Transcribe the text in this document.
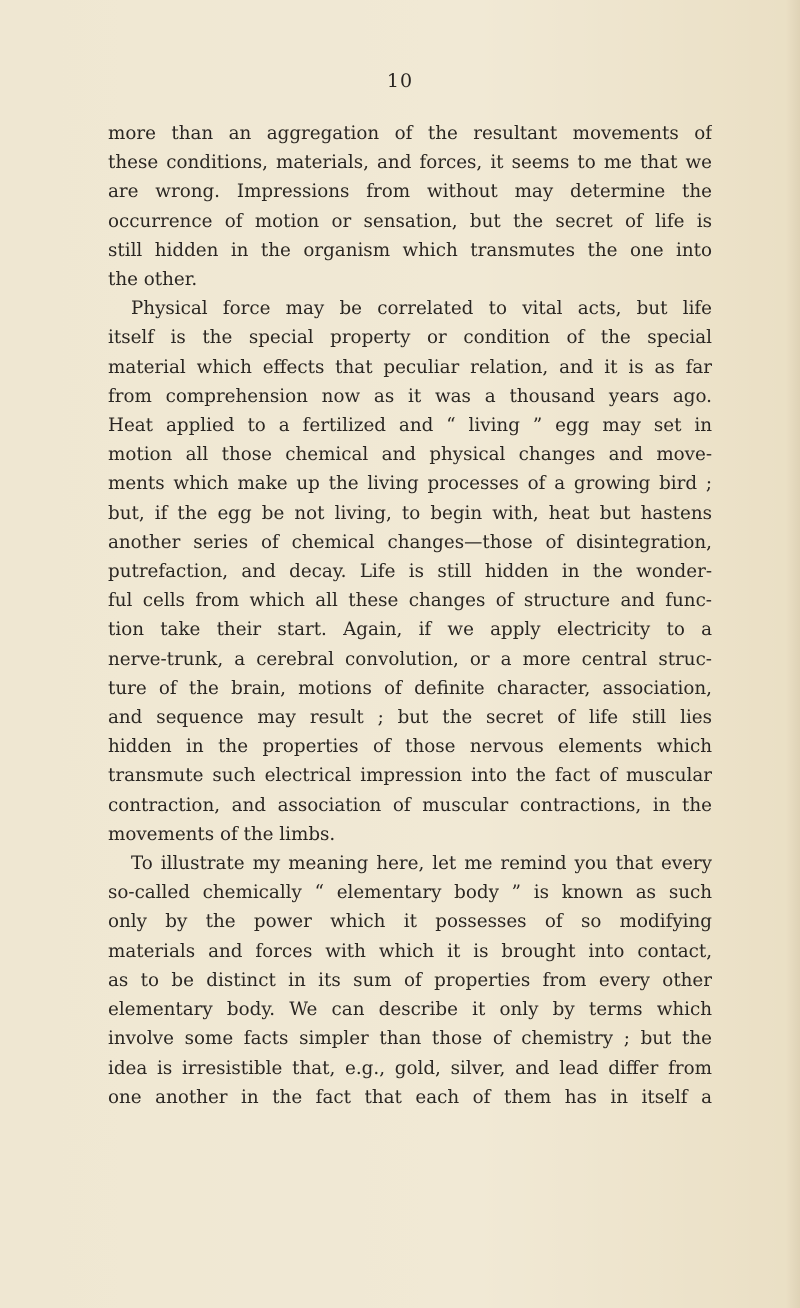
10

more than an aggregation of the resultant movements of
these conditions, materials, and forces, it seems to me that we
are wrong. Impressions from without may determine the
occurrence of motion or sensation, but the secret of life is
still hidden in the organism which transmutes the one into
the other.

Physical force may be correlated to vital acts, but life
itself is the special property or condition of the special
material which effects that peculiar relation, and it is as far
from comprehension now as it was a thousand years ago.
Heat applied to a fertilized and “ living ” egg may set in
motion all those chemical and physical changes and move-
ments which make up the living processes of a growing bird ;
but, if the egg be not living, to begin with, heat but hastens
another series of chemical changes—those of disintegration,
putrefaction, and decay. Life is still hidden in the wonder-
ful cells from which all these changes of structure and func-
tion take their start. Again, if we apply electricity to a
nerve-trunk, a cerebral convolution, or a more central struc-
ture of the brain, motions of definite character, association,
and sequence may result ; but the secret of life still lies
hidden in the properties of those nervous elements which
transmute such electrical impression into the fact of muscular
contraction, and association of muscular contractions, in the
movements of the limbs.

To illustrate my meaning here, let me remind you that every
so-called chemically “ elementary body ” is known as such
only by the power which it possesses of so modifying
materials and forces with which it is brought into contact,
as to be distinct in its sum of properties from every other
elementary body. We can describe it only by terms which
involve some facts simpler than those of chemistry ; but the
idea is irresistible that, e.g., gold, silver, and lead differ from
one another in the fact that each of them has in itself a
